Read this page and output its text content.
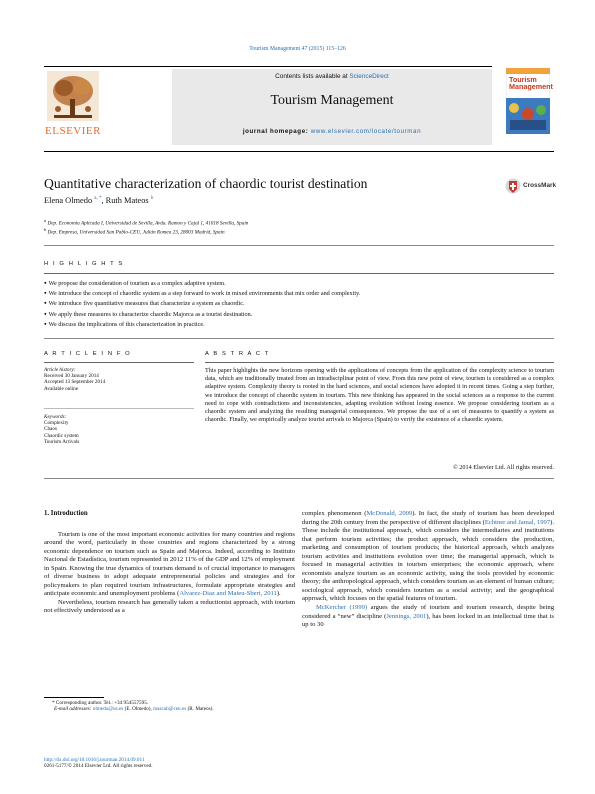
Tourism Management 47 (2015) 115–126
Contents lists available at ScienceDirect
Tourism Management
journal homepage: www.elsevier.com/locate/tourman
ELSEVIER
Tourism Management
Quantitative characterization of chaordic tourist destination	CrossMark
Elena Olmedo $^{a, *}$, Ruth Mateos $^b$
$^a$ Dep. Economia Aplicada I, Universidad de Sevilla, Avda. Ramon y Cajal 1, 41018 Sevilla, Spain
$^b$ Dep. Empresa, Universidad San Pablo-CEU, Julián Romea 23, 28003 Madrid, Spain
H I G H L I G H T S
● We propose the consideration of tourism as a complex adaptive system.
● We introduce the concept of chaordic system as a step forward to work in mixed environments that mix order and complexity.
● We introduce five quantitative measures that characterize a system as chaordic.
● We apply these measures to characterize chaordic Majorca as a tourist destination.
● We discuss the implications of this characterization in practice.
A R T I C L E I N F O
Article history:
Received 30 January 2014
Accepted 13 September 2014
Available online
Keywords:
Complexity
Chaos
Chaordic system
Tourism Arrivals
A B S T R A C T
This paper highlights the new horizons opening with the applications of concepts from the application of the complexity science to tourism data, which are traditionally treated from an intradisciplinar point of view. From this new point of view, tourism is considered as a complex adaptive system. Complexity theory is rooted in the hard sciences, and social sciences have adopted it in recent times. Going a step further, we introduce the concept of chaordic system in tourism. This new thinking has appeared in the social sciences as a response to the current need to cope with contradictions and inconsistencies, adapting evolution without losing essence. We propose considering tourism as a chaordic system and analyzing the resulting managerial consequences. We propose the use of a set of measures to quantify a system as chaordic. Finally, we empirically analyze tourist arrivals to Majorca (Spain) to verify the existence of a chaordic system.
© 2014 Elsevier Ltd. All rights reserved.
1. Introduction

Tourism is one of the most important economic activities for many countries and regions around the word, particularly in those countries and regions characterized by a strong economic dependence on tourism such as Spain and Majorca. Indeed, according to Instituto Nacional de Estadística, tourism represented in 2012 11% of the GDP and 12% of employment in Spain. Knowing the true dynamics of tourism demand is of crucial importance to managers of diverse business to adopt adequate entrepreneurial policies and strategies and for policymakers to plan required tourism infrastructures, formulate appropriate strategies and anticipate economic and unemployment problems (Alvarez-Diaz and Mateu-Sbert, 2011).

Nevertheless, tourism research has generally taken a reductionist approach, with tourism not effectively understood as a

complex phenomenon (McDonald, 2009). In fact, the study of tourism has been developed during the 20th century from the perspective of different disciplines (Echtner and Jamal, 1997). These include the institutional approach, which considers the intermediaries and institutions that perform tourism activities; the product approach, which considers the production, marketing and consumption of tourism products; the historical approach, which analyzes tourism activities and institutions evolution over time; the managerial approach, which is focused in managerial activities in tourism enterprises; the economic approach, where economists analyze tourism as an economic activity, using the tools provided by economic theory; the anthropological approach, which considers tourism as an element of human culture; sociological approach, which considers tourism as a social activity; and the geographical approach, which focuses on the spatial features of tourism.

McKercher (1999) argues the study of tourism and tourism research, despite being considered a “new” discipline (Jennings, 2001), has been locked in an intellectual time that is up to 30

* Corresponding author. Tel.: +34 954557595.
E-mail addresses: olmedo@us.es (E. Olmedo), mascab@ceu.es (R. Mateos).
http://dx.doi.org/10.1016/j.tourman.2014.09.011
0261-5177/© 2014 Elsevier Ltd. All rights reserved.
